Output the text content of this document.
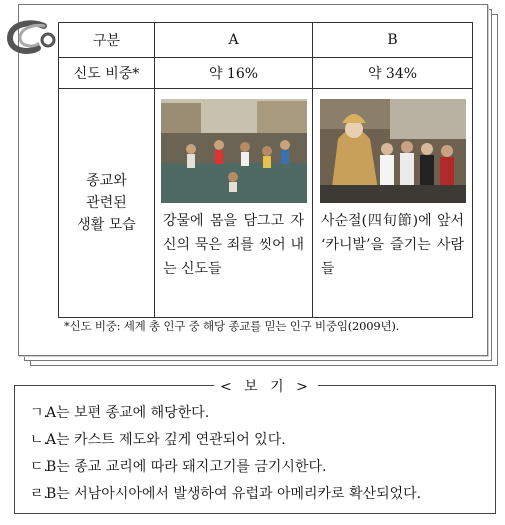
구분	A	B
신도 비중*	약 16%	약 34%

종교와
관련된
생활 모습	강물에 몸을 담그고 자신의 묵은 죄를 씻어 내는 신도들	사순절(四旬節)에 앞서 ‘카니발’을 즐기는 사람들
*신도 비중: 세계 총 인구 중 해당 종교를 믿는 인구 비중임(2009년).
< 보 기 >
ㄱ.A는 보편 종교에 해당한다.
ㄴ.A는 카스트 제도와 깊게 연관되어 있다.
ㄷ.B는 종교 교리에 따라 돼지고기를 금기시한다.
ㄹ.B는 서남아시아에서 발생하여 유럽과 아메리카로 확산되었다.
